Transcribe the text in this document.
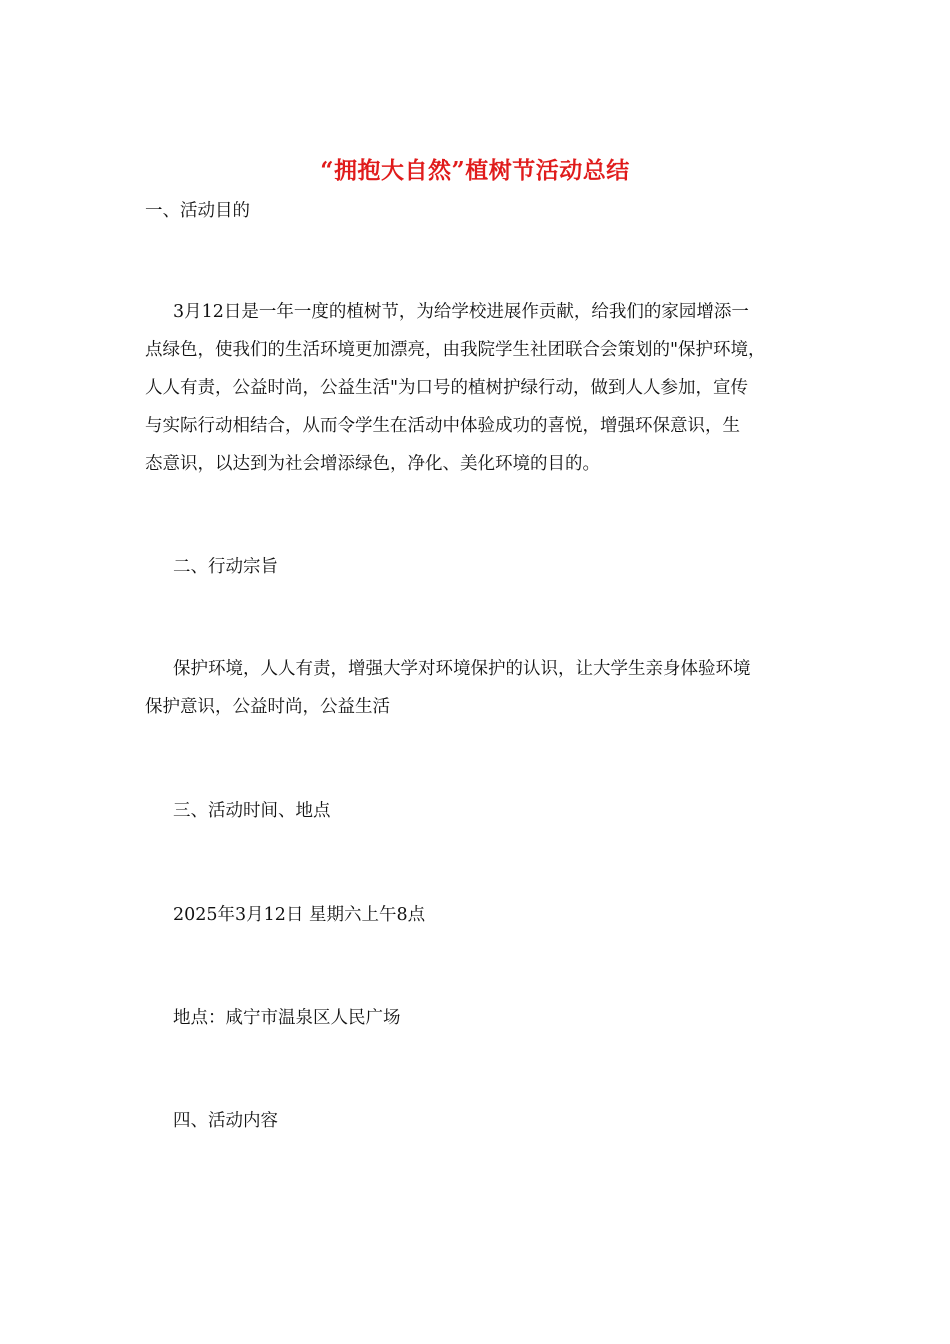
“拥抱大自然”植树节活动总结
一、活动目的
3月12日是一年一度的植树节，为给学校进展作贡献，给我们的家园增添一
点绿色，使我们的生活环境更加漂亮，由我院学生社团联合会策划的"保护环境，
人人有责，公益时尚，公益生活"为口号的植树护绿行动，做到人人参加，宣传
与实际行动相结合，从而令学生在活动中体验成功的喜悦，增强环保意识，生
态意识，以达到为社会增添绿色，净化、美化环境的目的。
二、行动宗旨
保护环境，人人有责，增强大学对环境保护的认识，让大学生亲身体验环境
保护意识，公益时尚，公益生活
三、活动时间、地点
2025年3月12日 星期六上午8点
地点：咸宁市温泉区人民广场
四、活动内容
